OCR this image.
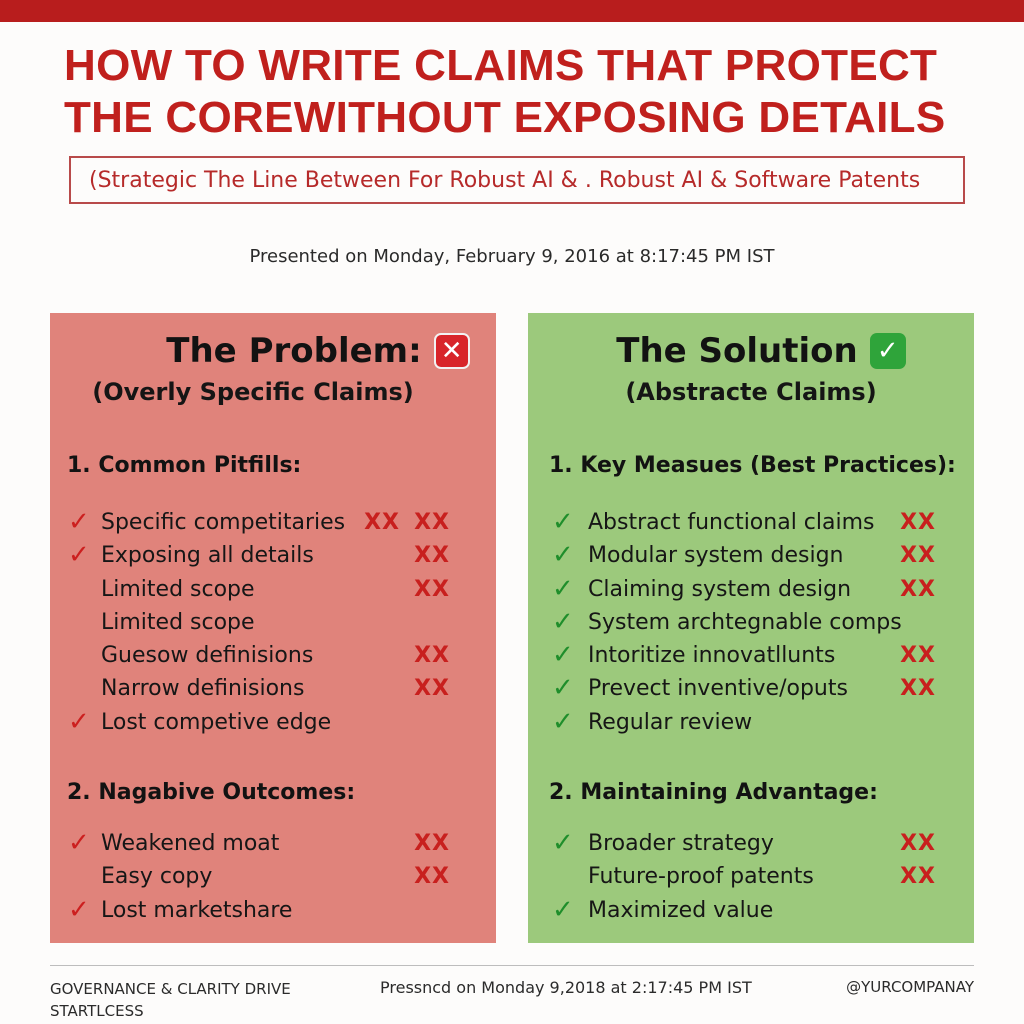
HOW TO WRITE CLAIMS THAT PROTECT
THE COREWITHOUT EXPOSING DETAILS
(Strategic The Line Between For Robust AI & . Robust AI & Software Patents
Presented on Monday, February 9, 2016 at 8:17:45 PM IST
The Problem: ✕
(Overly Specific Claims)
1. Common Pitfills:
✓ Specific competitaries XX XX
✓ Exposing all details	XX
Limited scope	XX
Limited scope
Guesow definisions	XX
Narrow definisions	XX
✓ Lost competive edge
2. Nagabive Outcomes:
✓ Weakened moat	XX
Easy copy	XX
✓ Lost marketshare
The Solution ✓
(Abstracte Claims)
1. Key Measues (Best Practices):
✓ Abstract functional claims XX
✓ Modular system design	XX
✓ Claiming system design XX
✓ System archtegnable comps
✓ Intoritize innovatllunts	XX
✓ Prevect inventive/oputs XX
✓ Regular review
2. Maintaining Advantage:
✓ Broader strategy	XX
Future-proof patents	XX
✓ Maximized value
GOVERNANCE & CLARITY DRIVE STARTLCESS
Pressncd on Monday 9,2018 at 2:17:45 PM IST	@YURCOMPANAY
